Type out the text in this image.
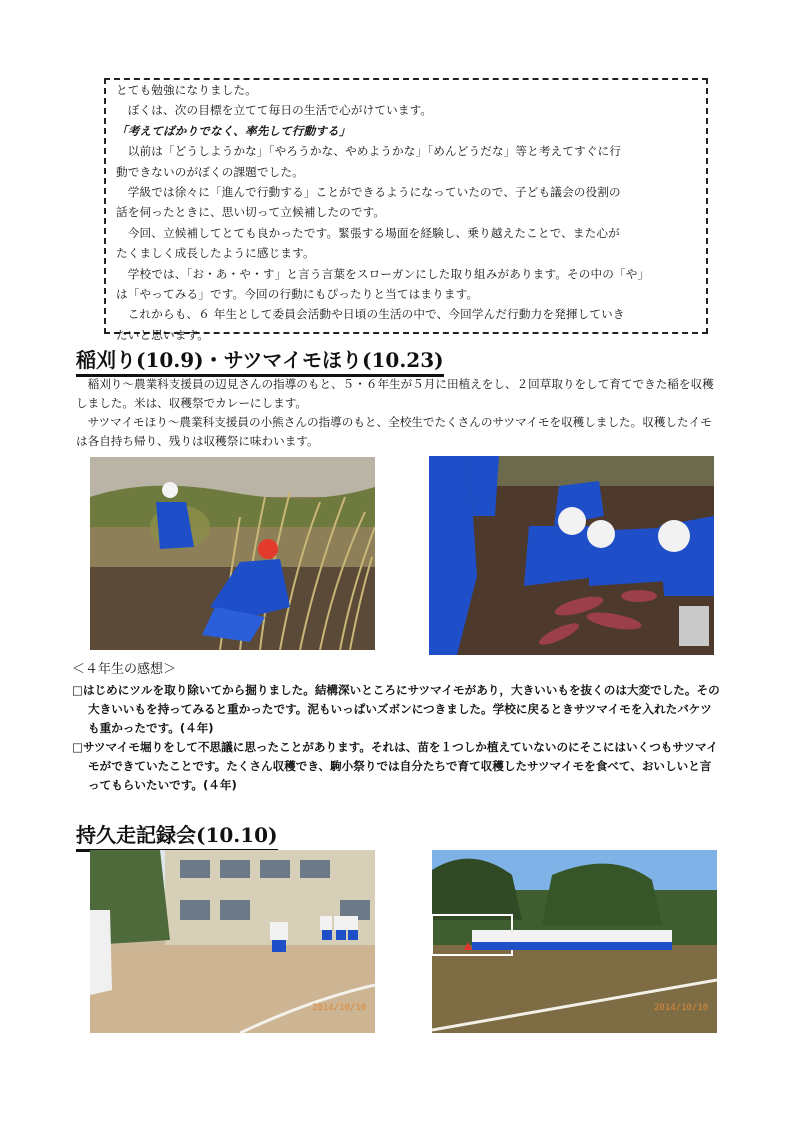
とても勉強になりました。

　ぼくは、次の目標を立てて毎日の生活で心がけています。

「考えてばかりでなく、率先して行動する」

　以前は「どうしようかな」「やろうかな、やめようかな」「めんどうだな」等と考えてすぐに行

動できないのがぼくの課題でした。

　学級では徐々に「進んで行動する」ことができるようになっていたので、子ども議会の役割の

話を伺ったときに、思い切って立候補したのです。

　今回、立候補してとても良かったです。緊張する場面を経験し、乗り越えたことで、また心が

たくましく成長したように感じます。

　学校では、「お・あ・や・す」と言う言葉をスローガンにした取り組みがあります。その中の「や」

は「やってみる」です。今回の行動にもぴったりと当てはまります。

　これからも、６ 年生として委員会活動や日頃の生活の中で、今回学んだ行動力を発揮していき

たいと思います。

稲刈り(10.9)・サツマイモほり(10.23)

　稲刈り～農業科支援員の辺見さんの指導のもと、５・６年生が５月に田植えをし、２回草取りをして育てできた稲を収穫しました。米は、収穫祭でカレーにします。

　サツマイモほり～農業科支援員の小熊さんの指導のもと、全校生でたくさんのサツマイモを収穫しました。収穫したイモは各自持ち帰り、残りは収穫祭に味わいます。

＜４年生の感想＞

□はじめにツルを取り除いてから掘りました。結構深いところにサツマイモがあり，大きいいもを抜くのは大変でした。その大きいいもを持ってみると重かったです。泥もいっぱいズボンにつきました。学校に戻るときサツマイモを入れたバケツも重かったです。(４年)
□サツマイモ堀りをして不思議に思ったことがあります。それは、苗を１つしか植えていないのにそこにはいくつもサツマイモができていたことです。たくさん収穫でき、駒小祭りでは自分たちで育て収穫したサツマイモを食べて、おいしいと言ってもらいたいです。(４年)
持久走記録会(10.10)
2014/10/10	2014/10/10
